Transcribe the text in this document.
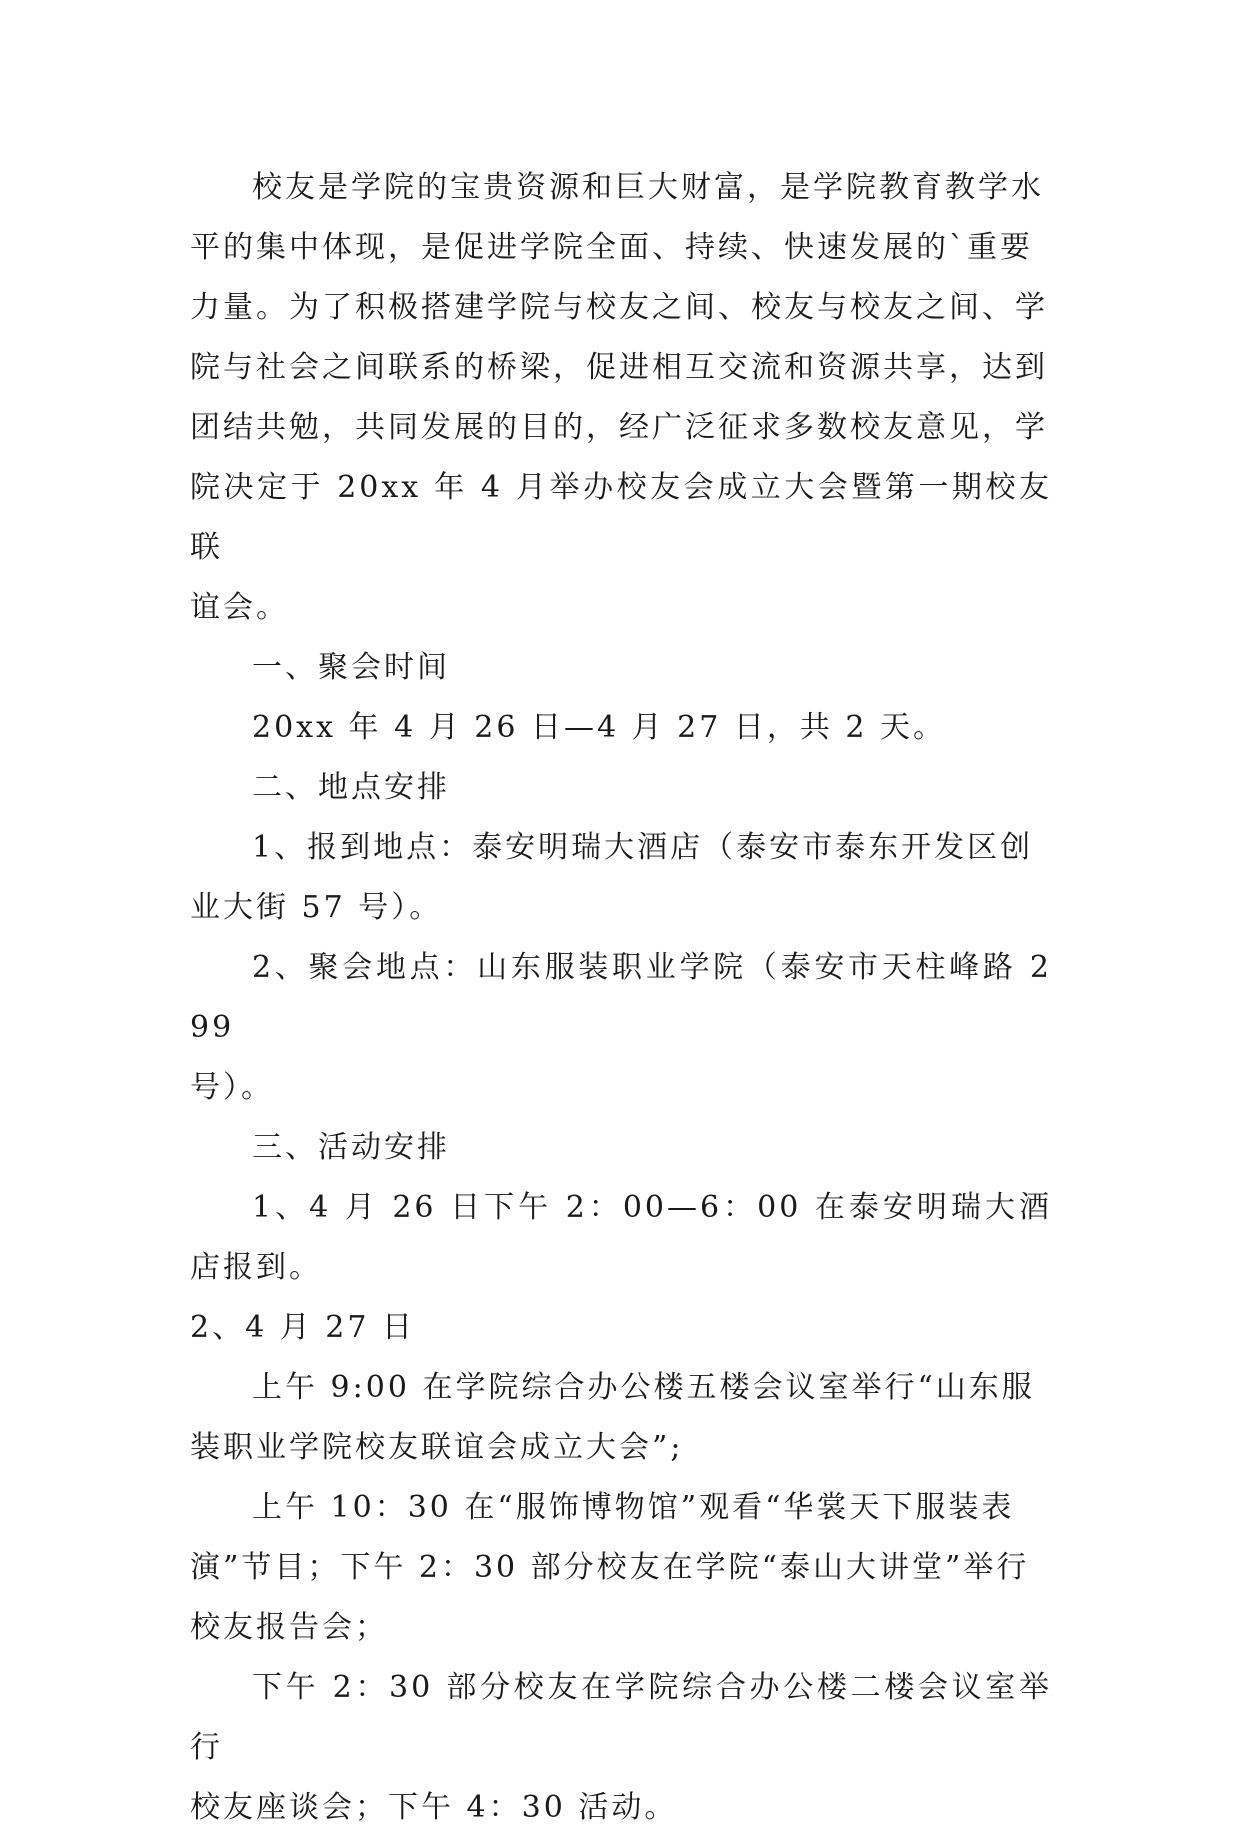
校友是学院的宝贵资源和巨大财富，是学院教育教学水
平的集中体现，是促进学院全面、持续、快速发展的`重要
力量。为了积极搭建学院与校友之间、校友与校友之间、学
院与社会之间联系的桥梁，促进相互交流和资源共享，达到
团结共勉，共同发展的目的，经广泛征求多数校友意见，学
院决定于 20xx 年 4 月举办校友会成立大会暨第一期校友联
谊会。

一、聚会时间

20xx 年 4 月 26 日—4 月 27 日，共 2 天。

二、地点安排

1、报到地点：泰安明瑞大酒店（泰安市泰东开发区创
业大街 57 号）。

2、聚会地点：山东服装职业学院（泰安市天柱峰路 299
号）。

三、活动安排

1、4 月 26 日下午 2：00—6：00 在泰安明瑞大酒店报到。

2、4 月 27 日

上午 9:00 在学院综合办公楼五楼会议室举行“山东服
装职业学院校友联谊会成立大会”;

上午 10：30 在“服饰博物馆”观看“华裳天下服装表
演”节目；下午 2：30 部分校友在学院“泰山大讲堂”举行
校友报告会；

下午 2：30 部分校友在学院综合办公楼二楼会议室举行
校友座谈会；下午 4：30 活动。
